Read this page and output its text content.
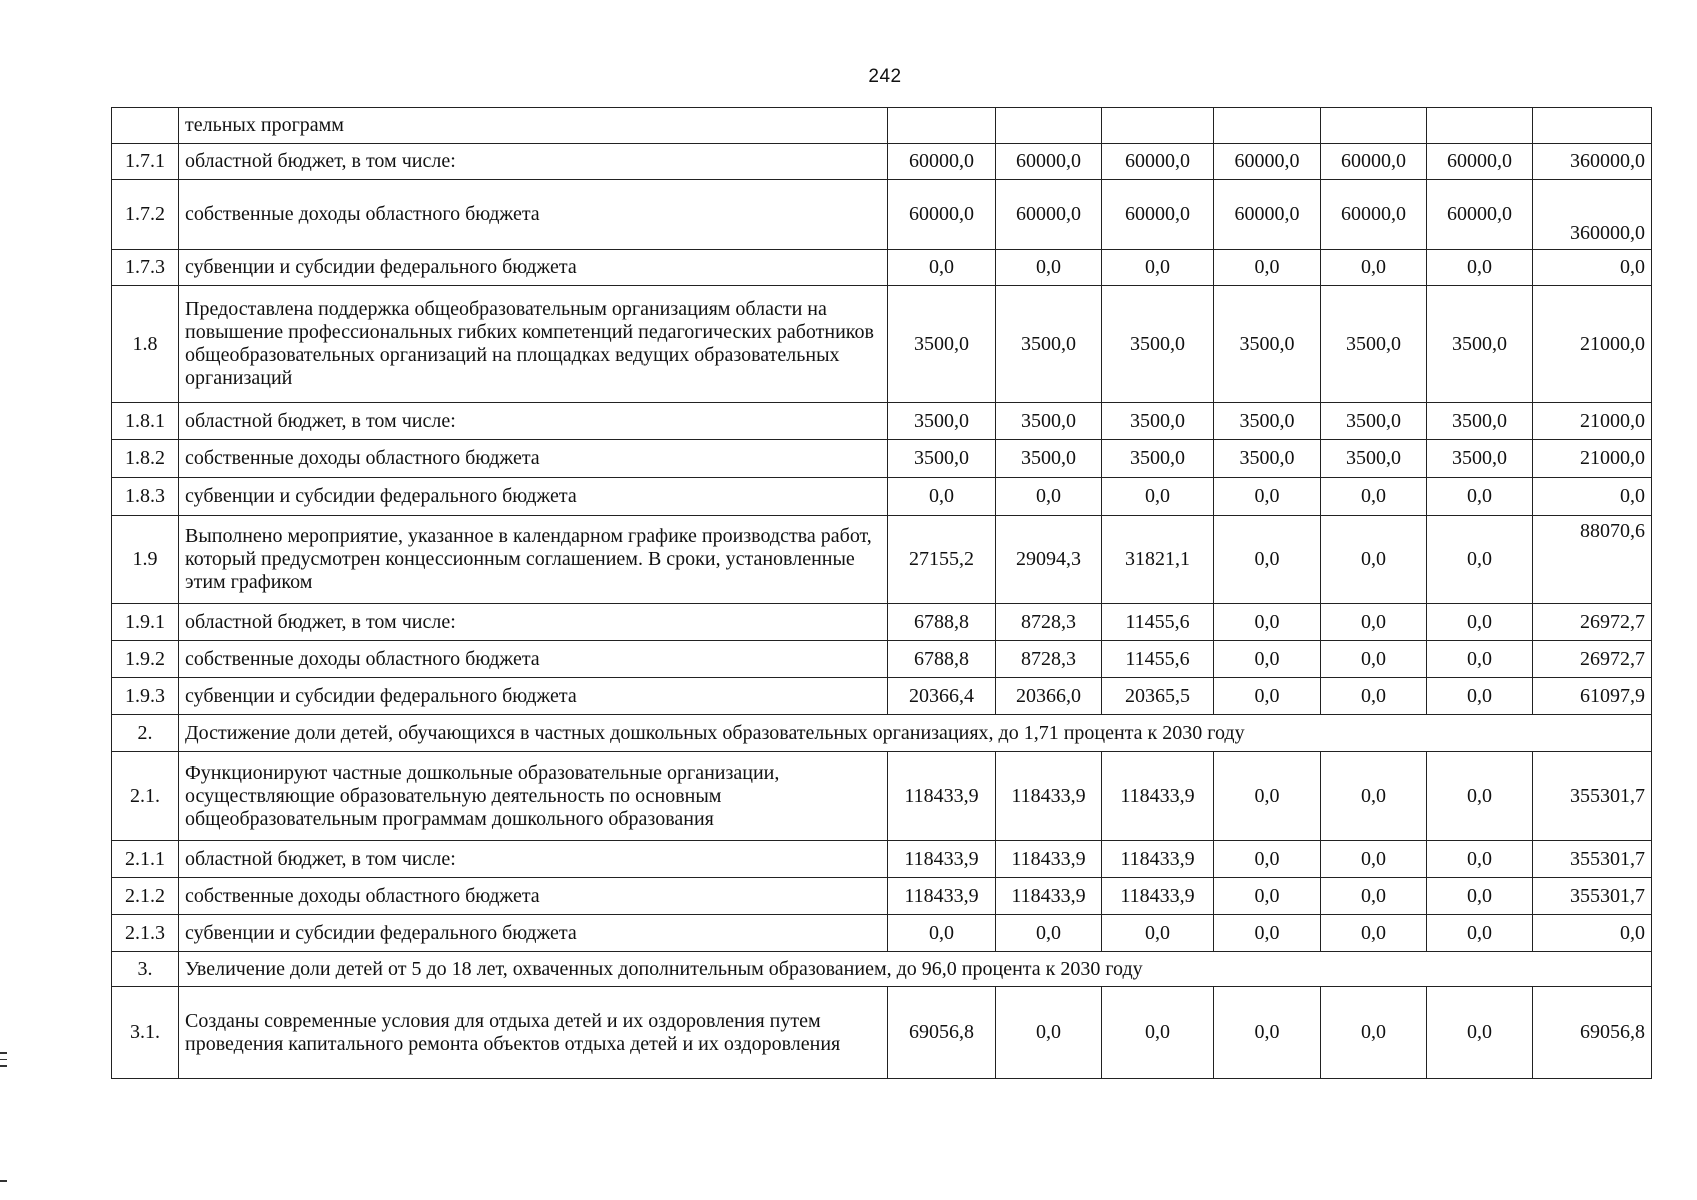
242
	тельных программ							
1.7.1	областной бюджет, в том числе:	60000,0	60000,0	60000,0	60000,0	60000,0	60000,0	360000,0
1.7.2	собственные доходы областного бюджета	60000,0	60000,0	60000,0	60000,0	60000,0	60000,0	360000,0
1.7.3	субвенции и субсидии федерального бюджета	0,0	0,0	0,0	0,0	0,0	0,0	0,0
1.8	Предоставлена поддержка общеобразовательным организациям области на повышение профессиональных гибких компетенций педагогических работников общеобразовательных организаций на площадках ведущих образовательных организаций	3500,0	3500,0	3500,0	3500,0	3500,0	3500,0	21000,0
1.8.1	областной бюджет, в том числе:	3500,0	3500,0	3500,0	3500,0	3500,0	3500,0	21000,0
1.8.2	собственные доходы областного бюджета	3500,0	3500,0	3500,0	3500,0	3500,0	3500,0	21000,0
1.8.3	субвенции и субсидии федерального бюджета	0,0	0,0	0,0	0,0	0,0	0,0	0,0
1.9	Выполнено мероприятие, указанное в календарном графике производства работ, который предусмотрен концессионным соглашением. В сроки, установленные этим графиком	27155,2	29094,3	31821,1	0,0	0,0	0,0	88070,6
1.9.1	областной бюджет, в том числе:	6788,8	8728,3	11455,6	0,0	0,0	0,0	26972,7
1.9.2	собственные доходы областного бюджета	6788,8	8728,3	11455,6	0,0	0,0	0,0	26972,7
1.9.3	субвенции и субсидии федерального бюджета	20366,4	20366,0	20365,5	0,0	0,0	0,0	61097,9
2.	Достижение доли детей, обучающихся в частных дошкольных образовательных организациях, до 1,71 процента к 2030 году							
2.1.	Функционируют частные дошкольные образовательные организации, осуществляющие образовательную деятельность по основным общеобразовательным программам дошкольного образования	118433,9	118433,9	118433,9	0,0	0,0	0,0	355301,7
2.1.1	областной бюджет, в том числе:	118433,9	118433,9	118433,9	0,0	0,0	0,0	355301,7
2.1.2	собственные доходы областного бюджета	118433,9	118433,9	118433,9	0,0	0,0	0,0	355301,7
2.1.3	субвенции и субсидии федерального бюджета	0,0	0,0	0,0	0,0	0,0	0,0	0,0
3.	Увеличение доли детей от 5 до 18 лет, охваченных дополнительным образованием, до 96,0 процента к 2030 году							
3.1.	Созданы современные условия для отдыха детей и их оздоровления путем проведения капитального ремонта объектов отдыха детей и их оздоровления	69056,8	0,0	0,0	0,0	0,0	0,0	69056,8
